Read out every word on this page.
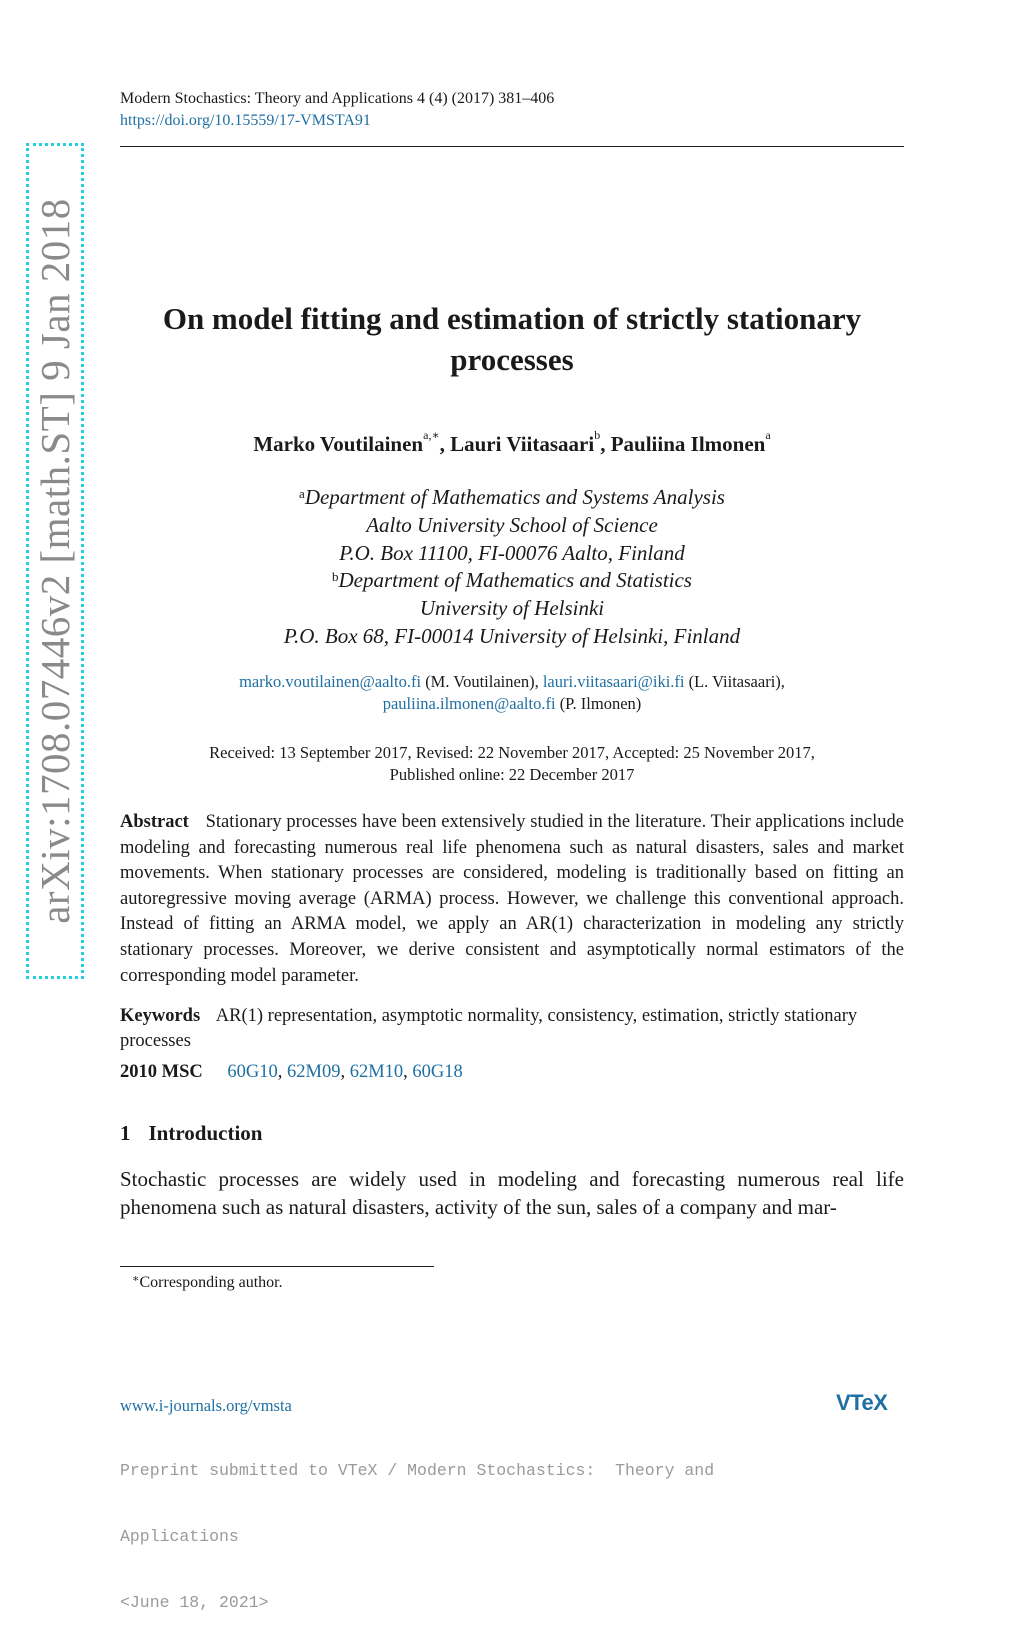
arXiv:1708.07446v2 [math.ST] 9 Jan 2018
Modern Stochastics: Theory and Applications 4 (4) (2017) 381–406
https://doi.org/10.15559/17-VMSTA91
On model fitting and estimation of strictly stationary
processes
Marko Voutilainen$^{a,∗}$, Lauri Viitasaari$^b$, Pauliina Ilmonen$^a$
$^a$Department of Mathematics and Systems Analysis
Aalto University School of Science
P.O. Box 11100, FI-00076 Aalto, Finland
$^b$Department of Mathematics and Statistics
University of Helsinki
P.O. Box 68, FI-00014 University of Helsinki, Finland
marko.voutilainen@aalto.fi (M. Voutilainen), lauri.viitasaari@iki.fi (L. Viitasaari),
pauliina.ilmonen@aalto.fi (P. Ilmonen)
Received: 13 September 2017, Revised: 22 November 2017, Accepted: 25 November 2017,
Published online: 22 December 2017
Abstract Stationary processes have been extensively studied in the literature. Their applications include modeling and forecasting numerous real life phenomena such as natural disasters, sales and market movements. When stationary processes are considered, modeling is traditionally based on fitting an autoregressive moving average (ARMA) process. However, we challenge this conventional approach. Instead of fitting an ARMA model, we apply an AR(1) characterization in modeling any strictly stationary processes. Moreover, we derive consistent and asymptotically normal estimators of the corresponding model parameter.
Keywords AR(1) representation, asymptotic normality, consistency, estimation, strictly stationary processes
2010 MSC 60G10, 62M09, 62M10, 60G18
1 Introduction
Stochastic processes are widely used in modeling and forecasting numerous real life phenomena such as natural disasters, activity of the sun, sales of a company and mar-
∗Corresponding author.
www.i-journals.org/vmsta	VTeX

Preprint submitted to VTeX / Modern Stochastics:  Theory and

Applications

<June 18, 2021>
